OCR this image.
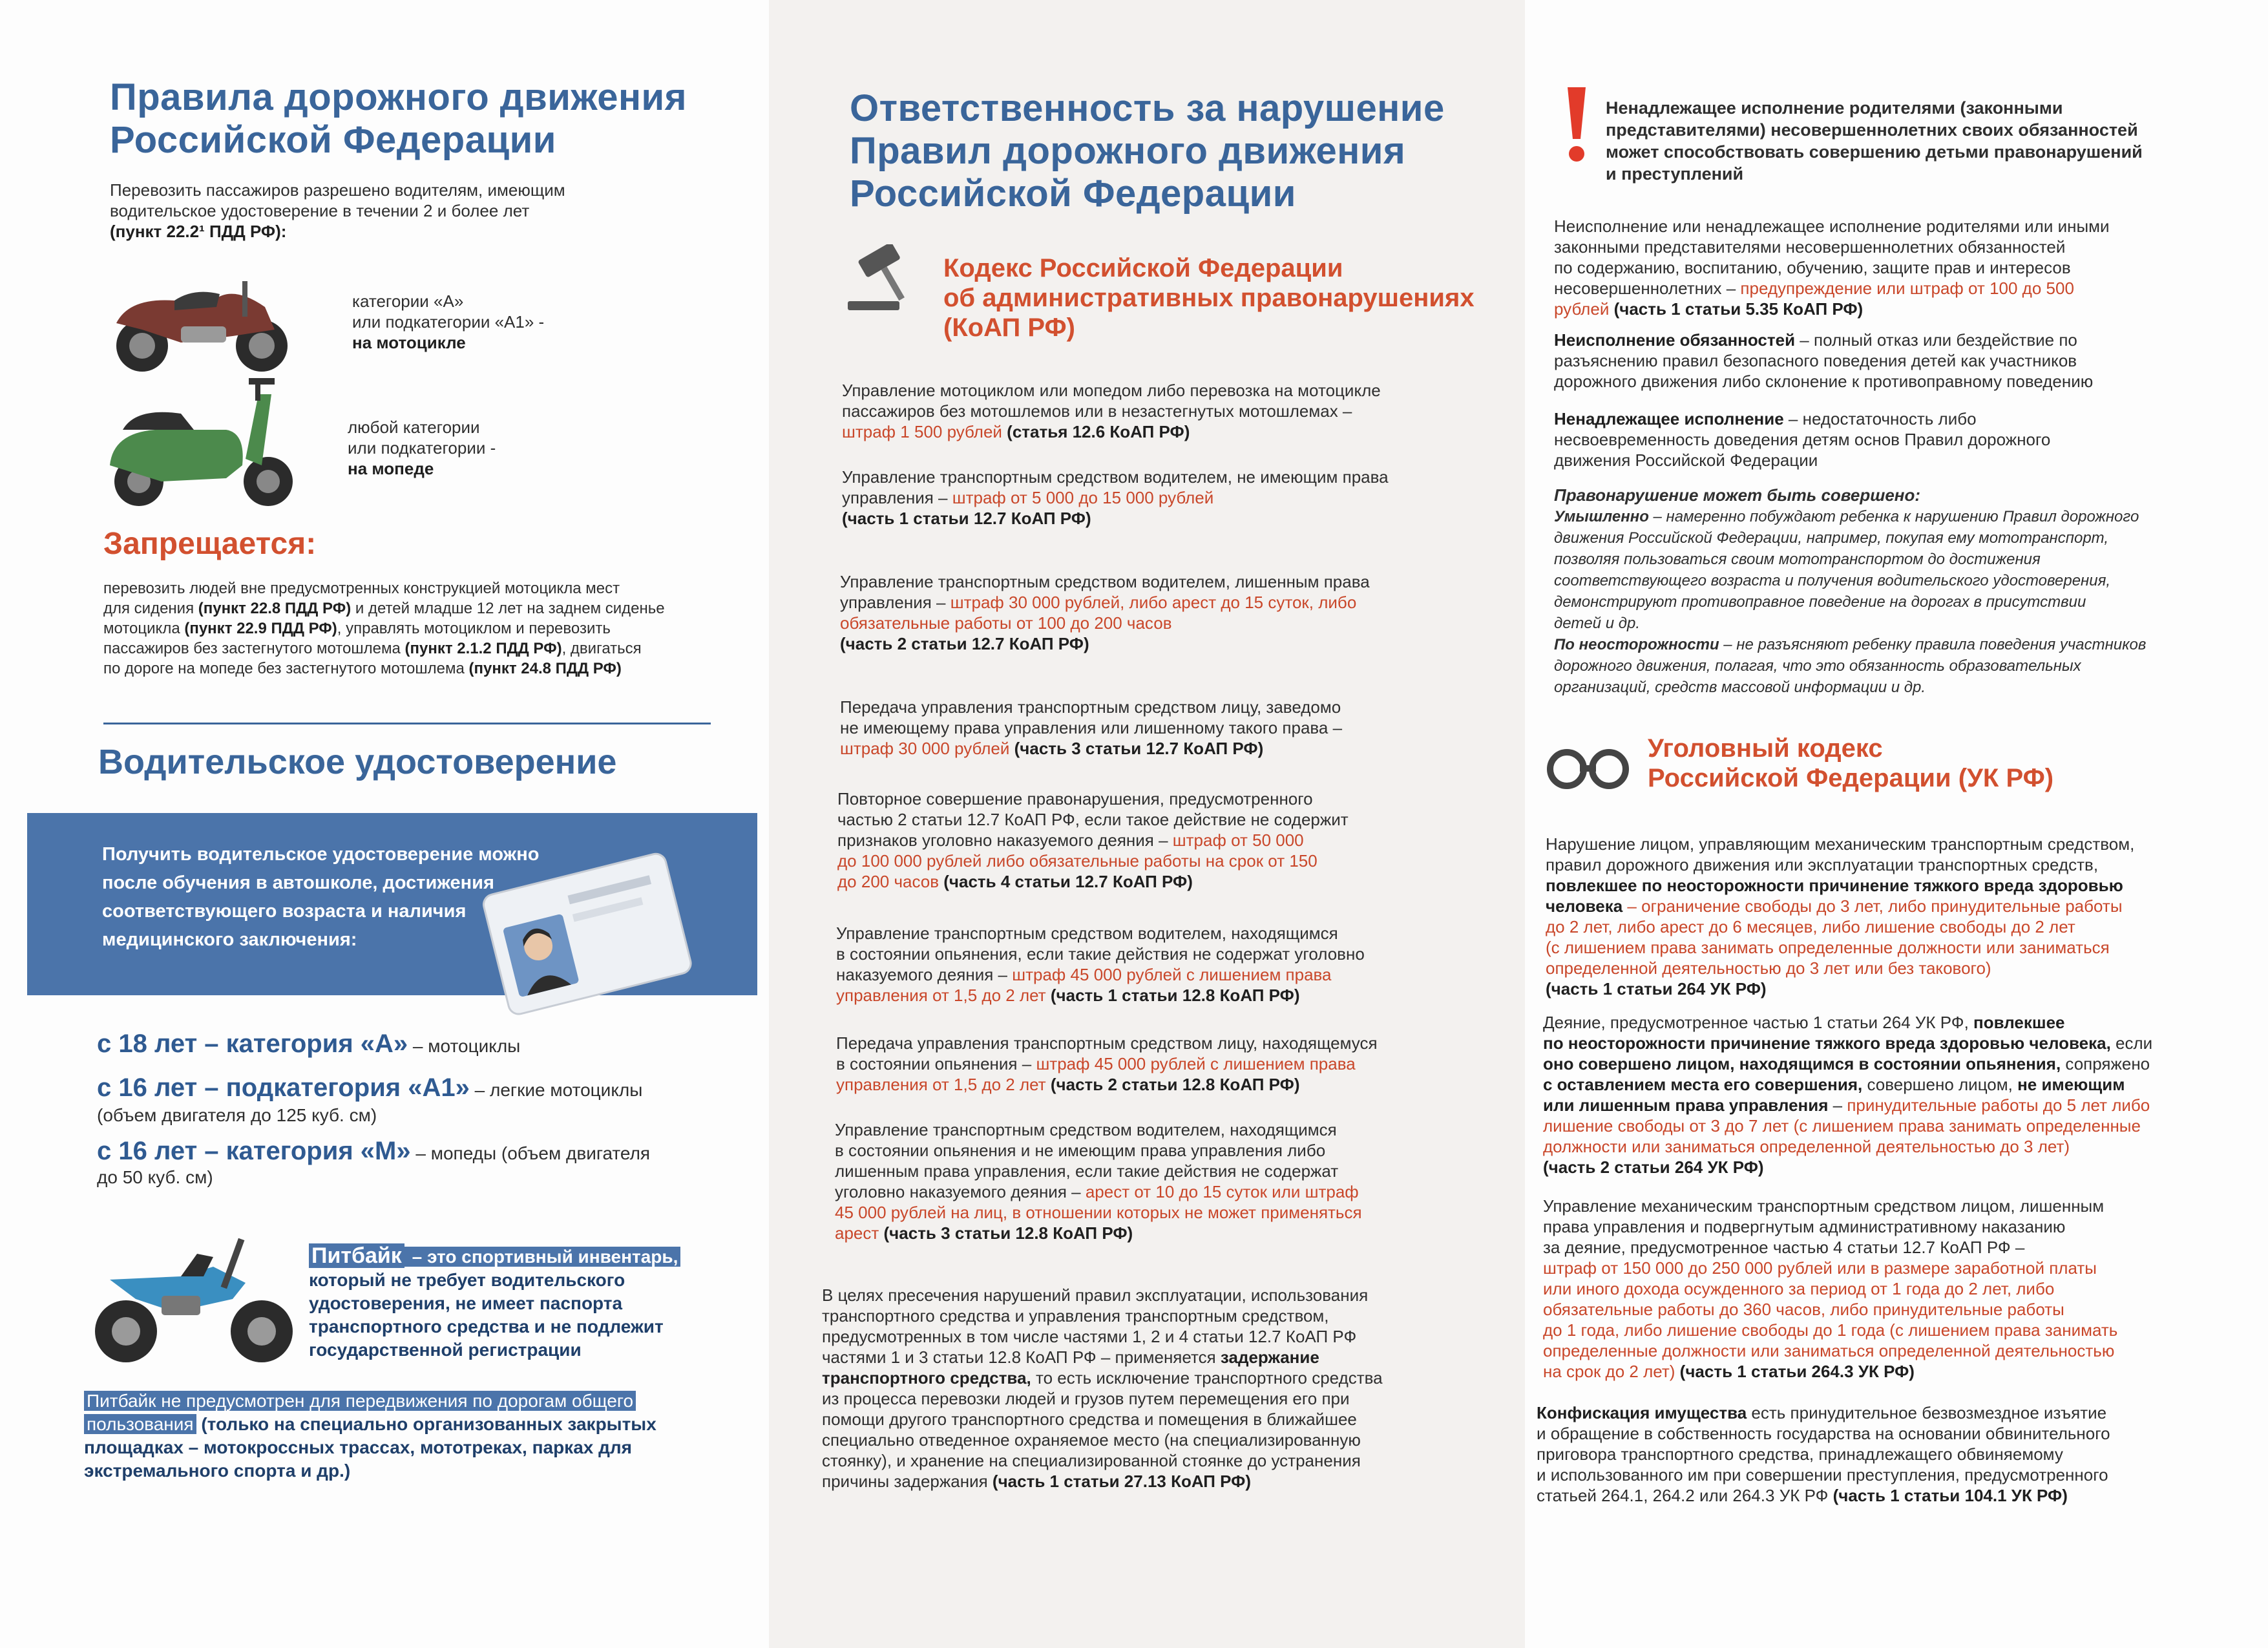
Правила дорожного движения
Российской Федерации
Перевозить пассажиров разрешено водителям, имеющим
водительское удостоверение в течении 2 и более лет
(пункт 22.2¹ ПДД РФ):
категории «А»
или подкатегории «А1» -
на мотоцикле
любой категории
или подкатегории -
на мопеде
Запрещается:
перевозить людей вне предусмотренных конструкцией мотоцикла мест
для сидения (пункт 22.8 ПДД РФ) и детей младше 12 лет на заднем сиденье
мотоцикла (пункт 22.9 ПДД РФ), управлять мотоциклом и перевозить
пассажиров без застегнутого мотошлема (пункт 2.1.2 ПДД РФ), двигаться
по дороге на мопеде без застегнутого мотошлема (пункт 24.8 ПДД РФ)
Водительское удостоверение
Получить водительское удостоверение можно
после обучения в автошколе, достижения
соответствующего возраста и наличия
медицинского заключения:
с 18 лет – категория «А» – мотоциклы
с 16 лет – подкатегория «А1» – легкие мотоциклы
(объем двигателя до 125 куб. см)
с 16 лет – категория «М» – мопеды (объем двигателя
до 50 куб. см)
Питбайк – это спортивный инвентарь,
который не требует водительского
удостоверения, не имеет паспорта
транспортного средства и не подлежит
государственной регистрации
Питбайк не предусмотрен для передвижения по дорогам общего
пользования (только на специально организованных закрытых
площадках – мотокроссных трассах, мототреках, парках для
экстремального спорта и др.)
Ответственность за нарушение
Правил дорожного движения
Российской Федерации
Кодекс Российской Федерации
об административных правонарушениях
(КоАП РФ)
Управление мотоциклом или мопедом либо перевозка на мотоцикле
пассажиров без мотошлемов или в незастегнутых мотошлемах –
штраф 1 500 рублей (статья 12.6 КоАП РФ)
Управление транспортным средством водителем, не имеющим права
управления – штраф от 5 000 до 15 000 рублей
(часть 1 статьи 12.7 КоАП РФ)
Управление транспортным средством водителем, лишенным права
управления – штраф 30 000 рублей, либо арест до 15 суток, либо
обязательные работы от 100 до 200 часов
(часть 2 статьи 12.7 КоАП РФ)
Передача управления транспортным средством лицу, заведомо
не имеющему права управления или лишенному такого права –
штраф 30 000 рублей (часть 3 статьи 12.7 КоАП РФ)
Повторное совершение правонарушения, предусмотренного
частью 2 статьи 12.7 КоАП РФ, если такое действие не содержит
признаков уголовно наказуемого деяния – штраф от 50 000
до 100 000 рублей либо обязательные работы на срок от 150
до 200 часов (часть 4 статьи 12.7 КоАП РФ)
Управление транспортным средством водителем, находящимся
в состоянии опьянения, если такие действия не содержат уголовно
наказуемого деяния – штраф 45 000 рублей с лишением права
управления от 1,5 до 2 лет (часть 1 статьи 12.8 КоАП РФ)
Передача управления транспортным средством лицу, находящемуся
в состоянии опьянения – штраф 45 000 рублей с лишением права
управления от 1,5 до 2 лет (часть 2 статьи 12.8 КоАП РФ)
Управление транспортным средством водителем, находящимся
в состоянии опьянения и не имеющим права управления либо
лишенным права управления, если такие действия не содержат
уголовно наказуемого деяния – арест от 10 до 15 суток или штраф
45 000 рублей на лиц, в отношении которых не может применяться
арест (часть 3 статьи 12.8 КоАП РФ)
В целях пресечения нарушений правил эксплуатации, использования
транспортного средства и управления транспортным средством,
предусмотренных в том числе частями 1, 2 и 4 статьи 12.7 КоАП РФ
частями 1 и 3 статьи 12.8 КоАП РФ – применяется задержание
транспортного средства, то есть исключение транспортного средства
из процесса перевозки людей и грузов путем перемещения его при
помощи другого транспортного средства и помещения в ближайшее
специально отведенное охраняемое место (на специализированную
стоянку), и хранение на специализированной стоянке до устранения
причины задержания (часть 1 статьи 27.13 КоАП РФ)
Ненадлежащее исполнение родителями (законными
представителями) несовершеннолетних своих обязанностей
может способствовать совершению детьми правонарушений
и преступлений
Неисполнение или ненадлежащее исполнение родителями или иными
законными представителями несовершеннолетних обязанностей
по содержанию, воспитанию, обучению, защите прав и интересов
несовершеннолетних – предупреждение или штраф от 100 до 500
рублей (часть 1 статьи 5.35 КоАП РФ)
Неисполнение обязанностей – полный отказ или бездействие по
разъяснению правил безопасного поведения детей как участников
дорожного движения либо склонение к противоправному поведению
Ненадлежащее исполнение – недостаточность либо
несвоевременность доведения детям основ Правил дорожного
движения Российской Федерации
Правонарушение может быть совершено:
Умышленно – намеренно побуждают ребенка к нарушению Правил дорожного
движения Российской Федерации, например, покупая ему мототранспорт,
позволяя пользоваться своим мототранспортом до достижения
соответствующего возраста и получения водительского удостоверения,
демонстрируют противоправное поведение на дорогах в присутствии
детей и др.
По неосторожности – не разъясняют ребенку правила поведения участников
дорожного движения, полагая, что это обязанность образовательных
организаций, средств массовой информации и др.
Уголовный кодекс
Российской Федерации (УК РФ)
Нарушение лицом, управляющим механическим транспортным средством,
правил дорожного движения или эксплуатации транспортных средств,
повлекшее по неосторожности причинение тяжкого вреда здоровью
человека – ограничение свободы до 3 лет, либо принудительные работы
до 2 лет, либо арест до 6 месяцев, либо лишение свободы до 2 лет
(с лишением права занимать определенные должности или заниматься
определенной деятельностью до 3 лет или без такового)
(часть 1 статьи 264 УК РФ)
Деяние, предусмотренное частью 1 статьи 264 УК РФ, повлекшее
по неосторожности причинение тяжкого вреда здоровью человека, если
оно совершено лицом, находящимся в состоянии опьянения, сопряжено
с оставлением места его совершения, совершено лицом, не имеющим
или лишенным права управления – принудительные работы до 5 лет либо
лишение свободы от 3 до 7 лет (с лишением права занимать определенные
должности или заниматься определенной деятельностью до 3 лет)
(часть 2 статьи 264 УК РФ)
Управление механическим транспортным средством лицом, лишенным
права управления и подвергнутым административному наказанию
за деяние, предусмотренное частью 4 статьи 12.7 КоАП РФ –
штраф от 150 000 до 250 000 рублей или в размере заработной платы
или иного дохода осужденного за период от 1 года до 2 лет, либо
обязательные работы до 360 часов, либо принудительные работы
до 1 года, либо лишение свободы до 1 года (с лишением права занимать
определенные должности или заниматься определенной деятельностью
на срок до 2 лет) (часть 1 статьи 264.3 УК РФ)
Конфискация имущества есть принудительное безвозмездное изъятие
и обращение в собственность государства на основании обвинительного
приговора транспортного средства, принадлежащего обвиняемому
и использованного им при совершении преступления, предусмотренного
статьей 264.1, 264.2 или 264.3 УК РФ (часть 1 статьи 104.1 УК РФ)
